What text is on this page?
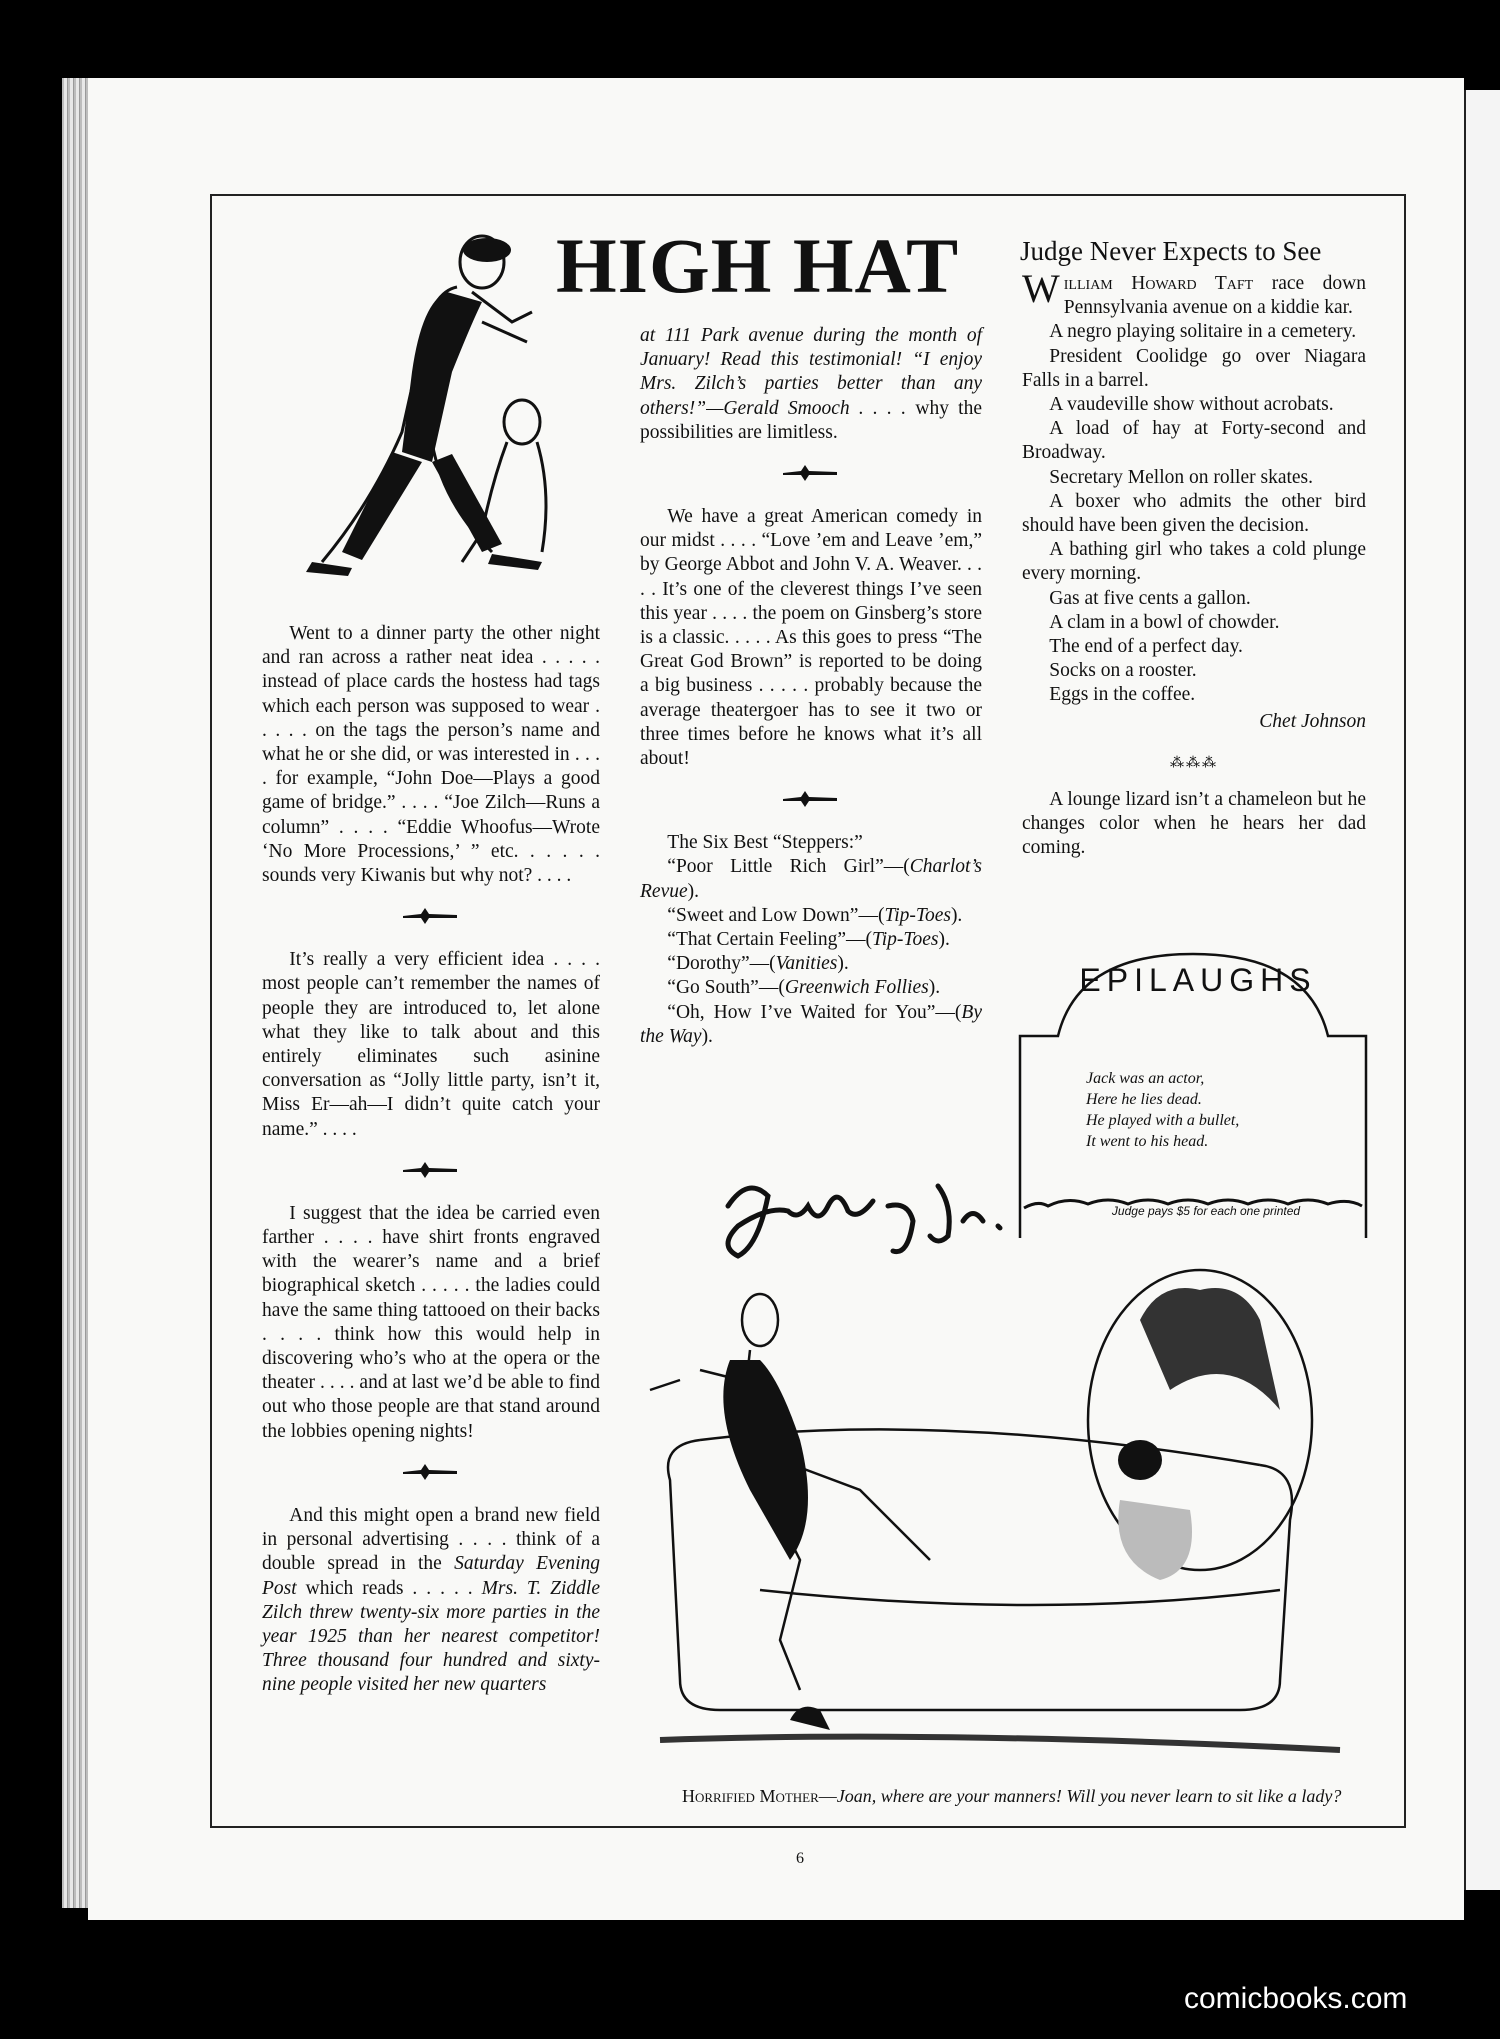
HIGH HAT

Went to a dinner party the other night and ran across a rather neat idea . . . . . instead of place cards the hostess had tags which each person was supposed to wear . . . . . on the tags the person’s name and what he or she did, or was interested in . . . . for example, “John Doe—Plays a good game of bridge.” . . . . “Joe Zilch—Runs a column” . . . . “Eddie Whoofus—Wrote ‘No More Processions,’ ” etc. . . . . . sounds very Kiwanis but why not? . . . .

It’s really a very efficient idea . . . . most people can’t remember the names of people they are introduced to, let alone what they like to talk about and this entirely eliminates such asinine conversation as “Jolly little party, isn’t it, Miss Er—ah—I didn’t quite catch your name.” . . . .

I suggest that the idea be carried even farther . . . . have shirt fronts engraved with the wearer’s name and a brief biographical sketch . . . . . the ladies could have the same thing tattooed on their backs . . . . think how this would help in discovering who’s who at the opera or the theater . . . . and at last we’d be able to find out who those people are that stand around the lobbies opening nights!

And this might open a brand new field in personal advertising . . . . think of a double spread in the Saturday Evening Post which reads . . . . . Mrs. T. Ziddle Zilch threw twenty-six more parties in the year 1925 than her nearest competitor! Three thousand four hundred and sixty-nine people visited her new quarters

at 111 Park avenue during the month of January! Read this testimonial! “I enjoy Mrs. Zilch’s parties better than any others!”—Gerald Smooch . . . . why the possibilities are limitless.

We have a great American comedy in our midst . . . . “Love ’em and Leave ’em,” by George Abbot and John V. A. Weaver. . . . . It’s one of the cleverest things I’ve seen this year . . . . the poem on Ginsberg’s store is a classic. . . . . As this goes to press “The Great God Brown” is reported to be doing a big business . . . . . probably because the average theatergoer has to see it two or three times before he knows what it’s all about!

The Six Best “Steppers:”

“Poor Little Rich Girl”—(Charlot’s Revue).

“Sweet and Low Down”—(Tip-Toes).

“That Certain Feeling”—(Tip-Toes).

“Dorothy”—(Vanities).

“Go South”—(Greenwich Follies).

“Oh, How I’ve Waited for You”—(By the Way).

Judge Never Expects to See

William Howard Taft race down Pennsylvania avenue on a kiddie kar.

A negro playing solitaire in a cemetery.

President Coolidge go over Niagara Falls in a barrel.

A vaudeville show without acrobats.

A load of hay at Forty-second and Broadway.

Secretary Mellon on roller skates.

A boxer who admits the other bird should have been given the decision.

A bathing girl who takes a cold plunge every morning.

Gas at five cents a gallon.

A clam in a bowl of chowder.

The end of a perfect day.

Socks on a rooster.

Eggs in the coffee.

Chet Johnson
⁂⁂⁂

A lounge lizard isn’t a chameleon but he changes color when he hears her dad coming.

EPILAUGHS
Jack was an actor,
Here he lies dead.
He played with a bullet,
It went to his head.
Judge pays $5 for each one printed
Horrified Mother—Joan, where are your manners! Will you never learn to sit like a lady?
6
comicbooks.com
